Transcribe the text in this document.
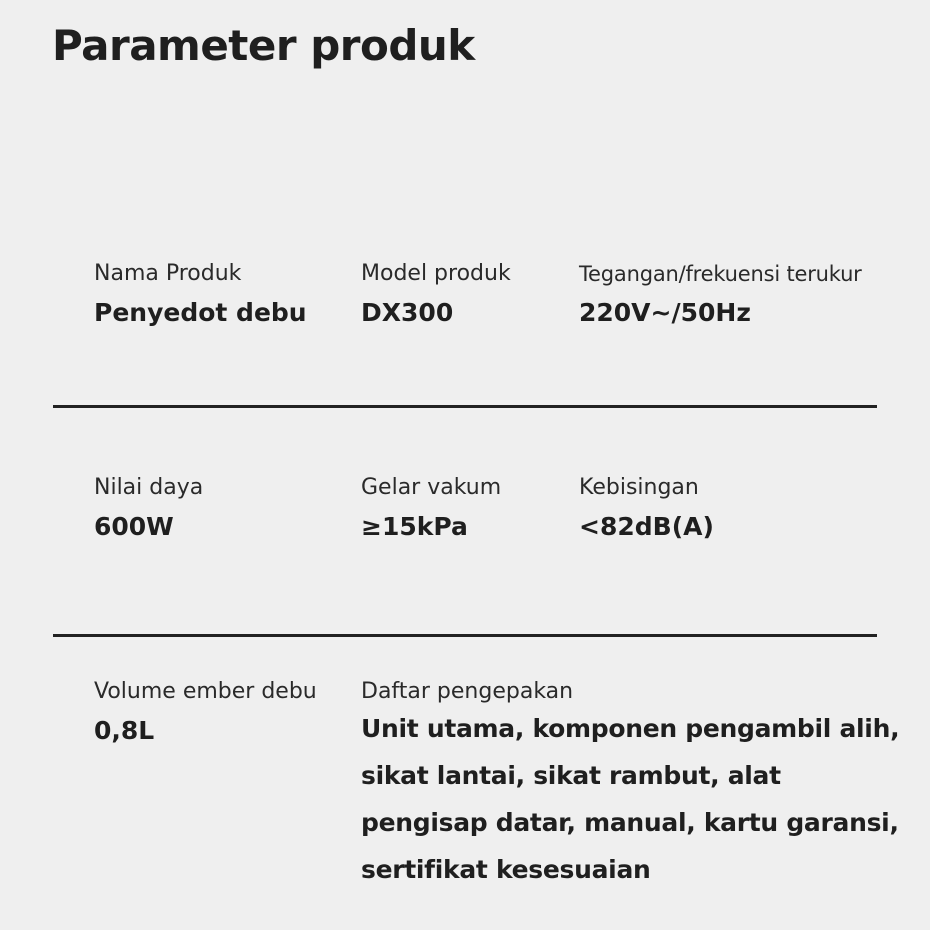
Parameter produk
Nama Produk
Penyedot debu
Model produk
DX300
Tegangan/frekuensi terukur
220V~/50Hz
Nilai daya
600W
Gelar vakum
≥15kPa
Kebisingan
<82dB(A)
Volume ember debu
0,8L
Daftar pengepakan
Unit utama, komponen pengambil alih, sikat lantai, sikat rambut, alat pengisap datar, manual, kartu garansi, sertifikat kesesuaian
